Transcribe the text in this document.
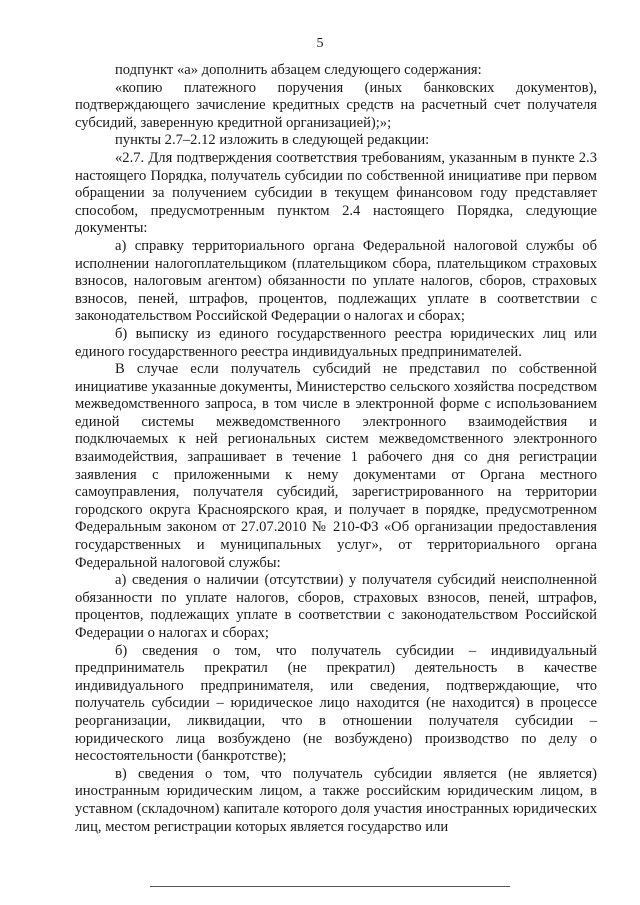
5

подпункт «а» дополнить абзацем следующего содержания:

«копию платежного поручения (иных банковских документов), подтверждающего зачисление кредитных средств на расчетный счет получателя субсидий, заверенную кредитной организацией);»;

пункты 2.7–2.12 изложить в следующей редакции:

«2.7. Для подтверждения соответствия требованиям, указанным в пункте 2.3 настоящего Порядка, получатель субсидии по собственной инициативе при первом обращении за получением субсидии в текущем финансовом году представляет способом, предусмотренным пунктом 2.4 настоящего Порядка, следующие документы:

а) справку территориального органа Федеральной налоговой службы об исполнении налогоплательщиком (плательщиком сбора, плательщиком страховых взносов, налоговым агентом) обязанности по уплате налогов, сборов, страховых взносов, пеней, штрафов, процентов, подлежащих уплате в соответствии с законодательством Российской Федерации о налогах и сборах;

б) выписку из единого государственного реестра юридических лиц или единого государственного реестра индивидуальных предпринимателей.

В случае если получатель субсидий не представил по собственной инициативе указанные документы, Министерство сельского хозяйства посредством межведомственного запроса, в том числе в электронной форме с использованием единой системы межведомственного электронного взаимодействия и подключаемых к ней региональных систем межведомственного электронного взаимодействия, запрашивает в течение 1 рабочего дня со дня регистрации заявления с приложенными к нему документами от Органа местного самоуправления, получателя субсидий, зарегистрированного на территории городского округа Красноярского края, и получает в порядке, предусмотренном Федеральным законом от 27.07.2010 № 210-ФЗ «Об организации предоставления государственных и муниципальных услуг», от территориального органа Федеральной налоговой службы:

а) сведения о наличии (отсутствии) у получателя субсидий неисполненной обязанности по уплате налогов, сборов, страховых взносов, пеней, штрафов, процентов, подлежащих уплате в соответствии с законодательством Российской Федерации о налогах и сборах;

б) сведения о том, что получатель субсидии – индивидуальный предприниматель прекратил (не прекратил) деятельность в качестве индивидуального предпринимателя, или сведения, подтверждающие, что получатель субсидии – юридическое лицо находится (не находится) в процессе реорганизации, ликвидации, что в отношении получателя субсидии – юридического лица возбуждено (не возбуждено) производство по делу о несостоятельности (банкротстве);

в) сведения о том, что получатель субсидии является (не является) иностранным юридическим лицом, а также российским юридическим лицом, в уставном (складочном) капитале которого доля участия иностранных юридических лиц, местом регистрации которых является государство или
